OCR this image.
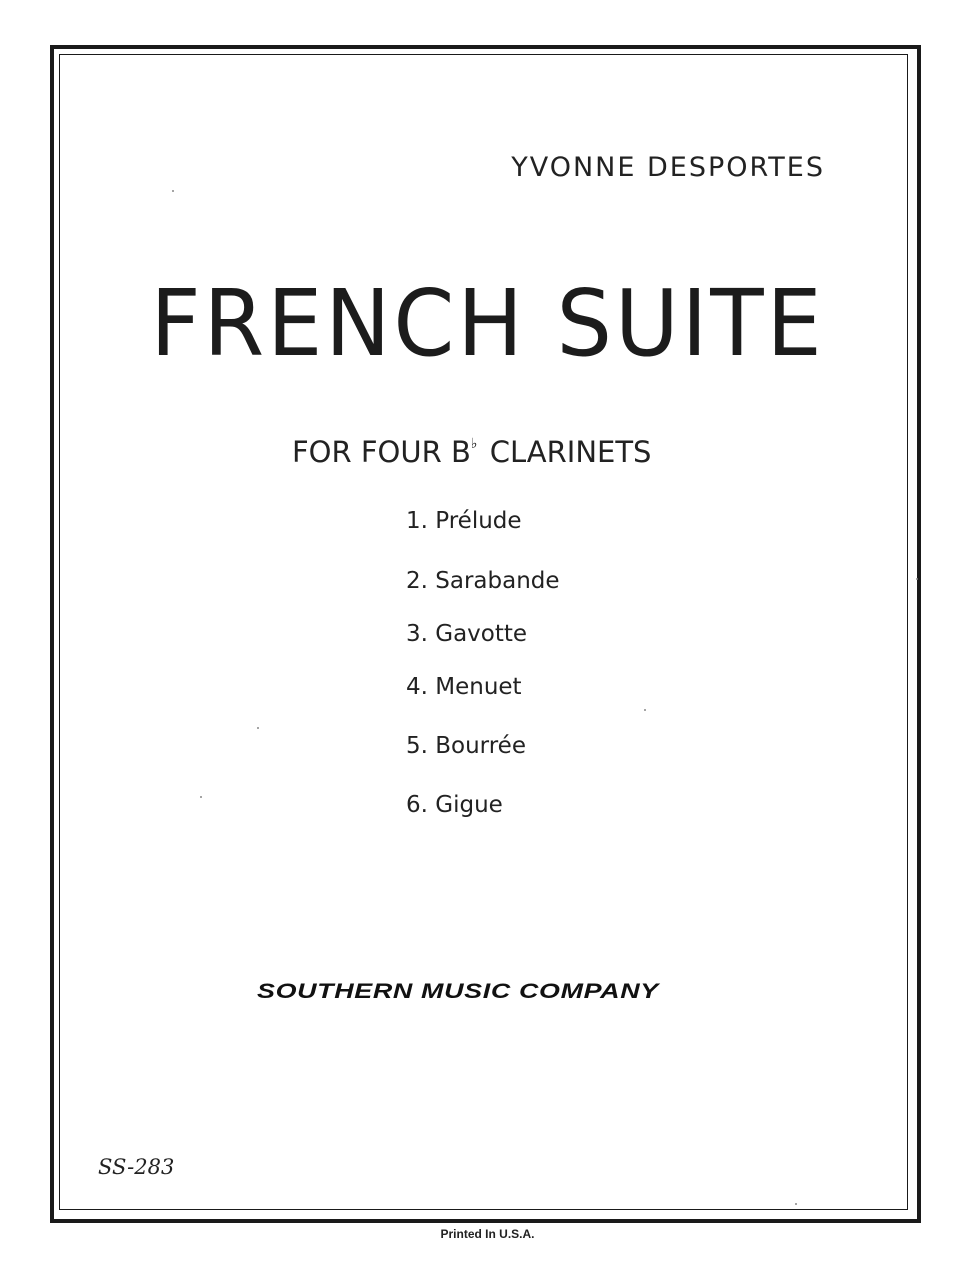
YVONNE DESPORTES
FRENCH SUITE
FOR FOUR B♭ CLARINETS
1. Prélude
2. Sarabande
3. Gavotte
4. Menuet
5. Bourrée
6. Gigue
SOUTHERN MUSIC COMPANY
SS-283
Printed In U.S.A.
